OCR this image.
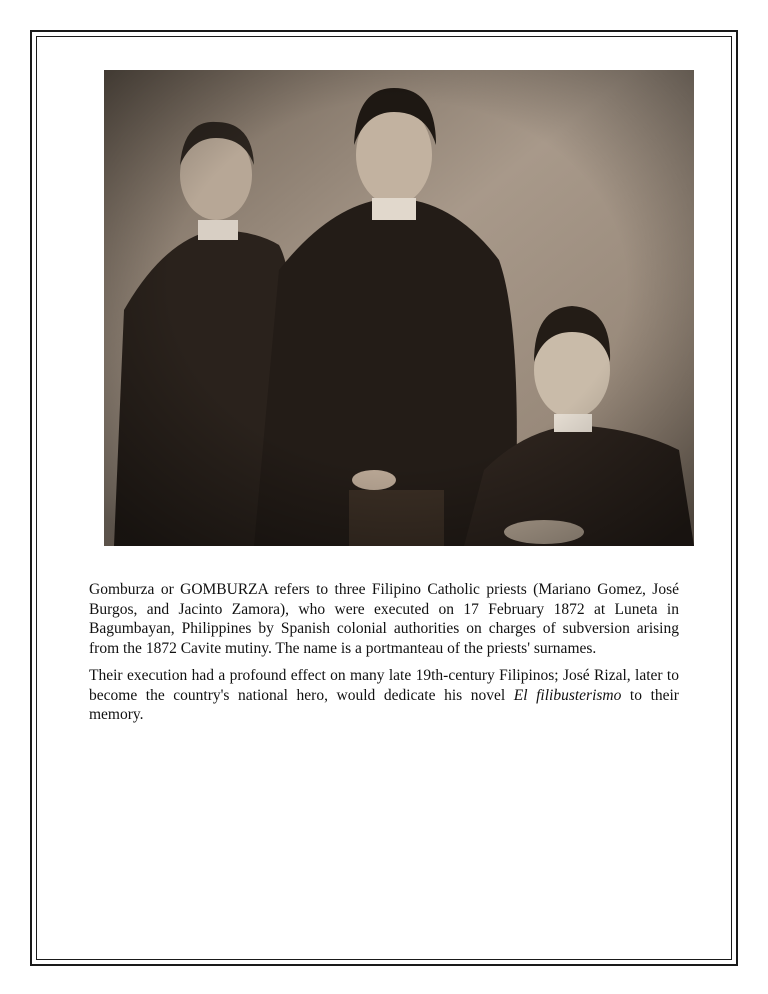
Gomburza or GOMBURZA refers to three Filipino Catholic priests (Mariano Gomez, José Burgos, and Jacinto Zamora), who were executed on 17 February 1872 at Luneta in Bagumbayan, Philippines by Spanish colonial authorities on charges of subversion arising from the 1872 Cavite mutiny. The name is a portmanteau of the priests' surnames.

Their execution had a profound effect on many late 19th-century Filipinos; José Rizal, later to become the country's national hero, would dedicate his novel El filibusterismo to their memory.
